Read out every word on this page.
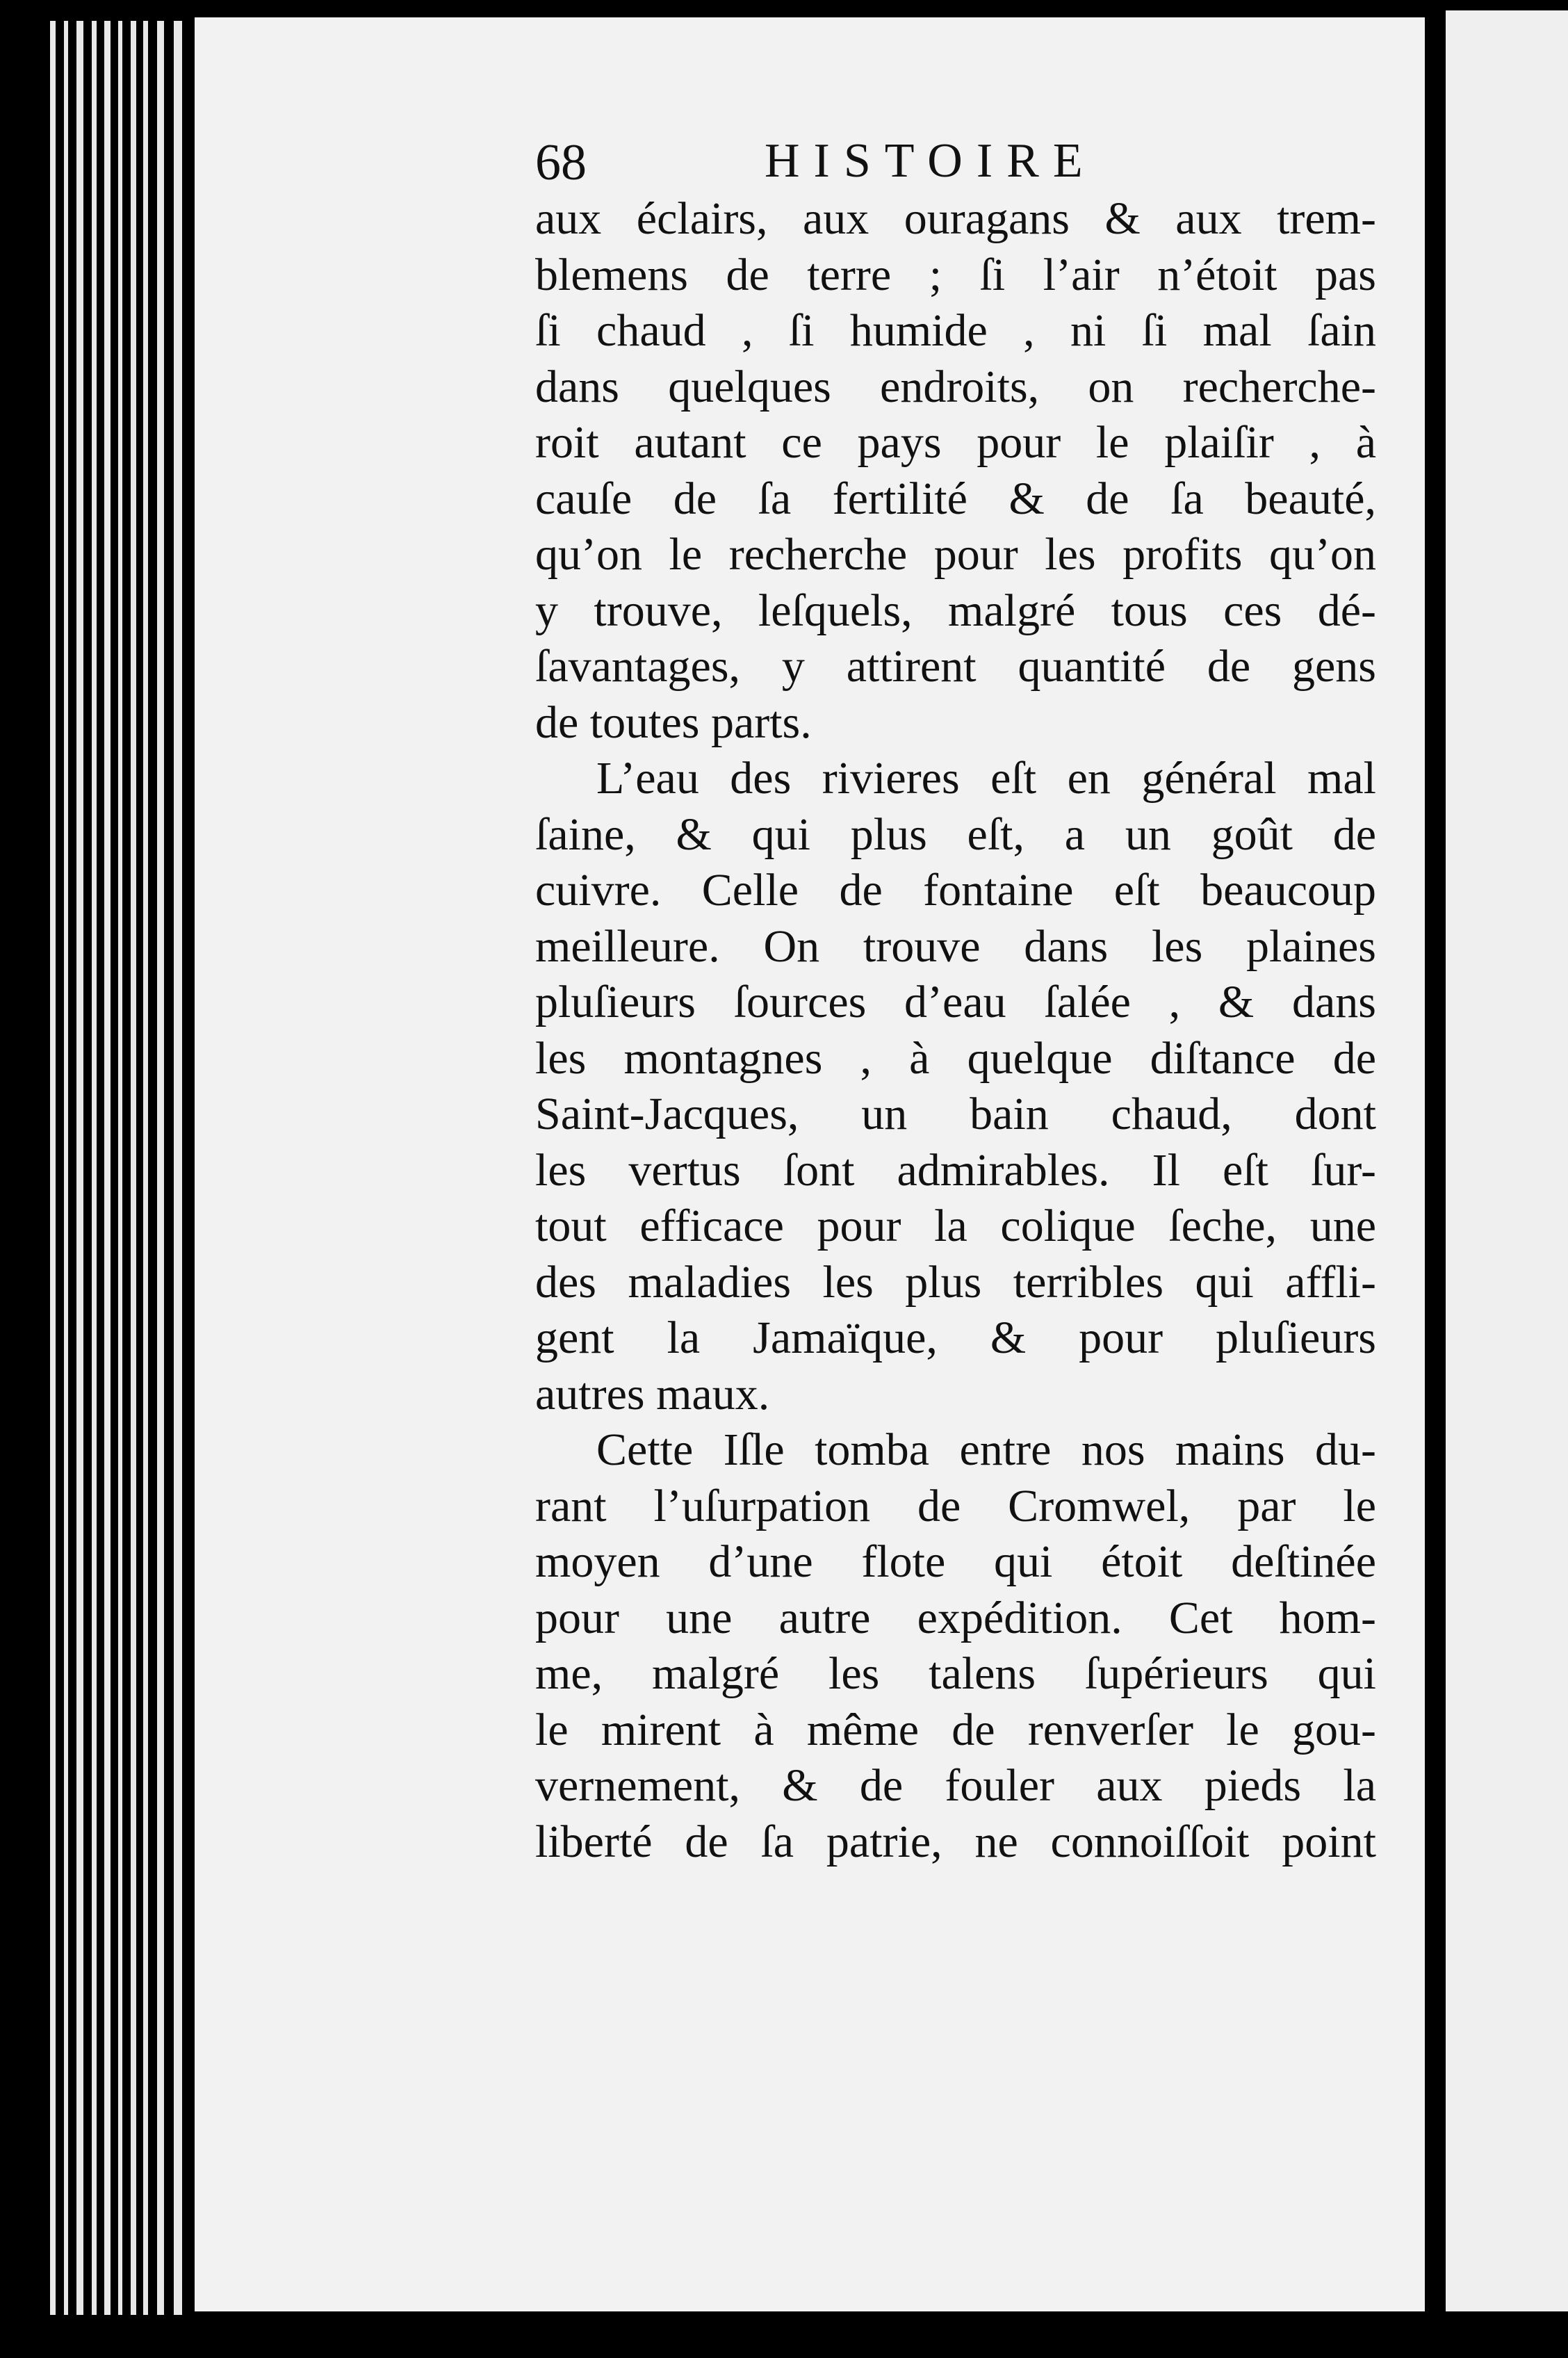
68	HISTOIRE
aux éclairs, aux ouragans & aux trem-
blemens de terre ; ſi l’air n’étoit pas
ſi chaud , ſi humide , ni ſi mal ſain
dans quelques endroits, on recherche-
roit autant ce pays pour le plaiſir , à
cauſe de ſa fertilité & de ſa beauté,
qu’on le recherche pour les profits qu’on
y trouve, leſquels, malgré tous ces dé-
ſavantages, y attirent quantité de gens
de toutes parts.
L’eau des rivieres eſt en général mal
ſaine, & qui plus eſt, a un goût de
cuivre. Celle de fontaine eſt beaucoup
meilleure. On trouve dans les plaines
pluſieurs ſources d’eau ſalée , & dans
les montagnes , à quelque diſtance de
Saint-Jacques, un bain chaud, dont
les vertus ſont admirables. Il eſt ſur-
tout efficace pour la colique ſeche, une
des maladies les plus terribles qui affli-
gent la Jamaïque, & pour pluſieurs
autres maux.
Cette Iſle tomba entre nos mains du-
rant l’uſurpation de Cromwel, par le
moyen d’une flote qui étoit deſtinée
pour une autre expédition. Cet hom-
me, malgré les talens ſupérieurs qui
le mirent à même de renverſer le gou-
vernement, & de fouler aux pieds la
liberté de ſa patrie, ne connoiſſoit point
